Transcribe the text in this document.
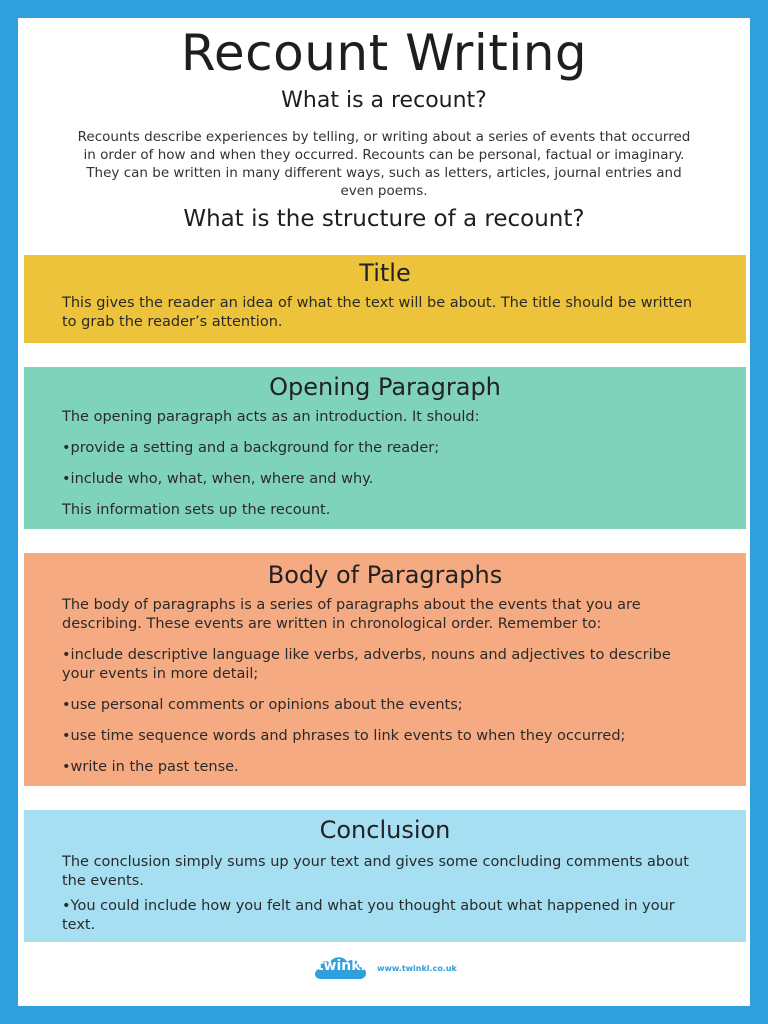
Recount Writing
What is a recount?
Recounts describe experiences by telling, or writing about a series of events that occurred
in order of how and when they occurred. Recounts can be personal, factual or imaginary.
They can be written in many different ways, such as letters, articles, journal entries and
even poems.
What is the structure of a recount?
Title

This gives the reader an idea of what the text will be about. The title should be written

to grab the reader’s attention.

Opening Paragraph

The opening paragraph acts as an introduction. It should:

•provide a setting and a background for the reader;

•include who, what, when, where and why.

This information sets up the recount.

Body of Paragraphs

The body of paragraphs is a series of paragraphs about the events that you are

describing. These events are written in chronological order. Remember to:

•include descriptive language like verbs, adverbs, nouns and adjectives to describe

your events in more detail;

•use personal comments or opinions about the events;

•use time sequence words and phrases to link events to when they occurred;

•write in the past tense.

Conclusion

The conclusion simply sums up your text and gives some concluding comments about

the events.

•You could include how you felt and what you thought about what happened in your

text.

twinkl	www.twinkl.co.uk
